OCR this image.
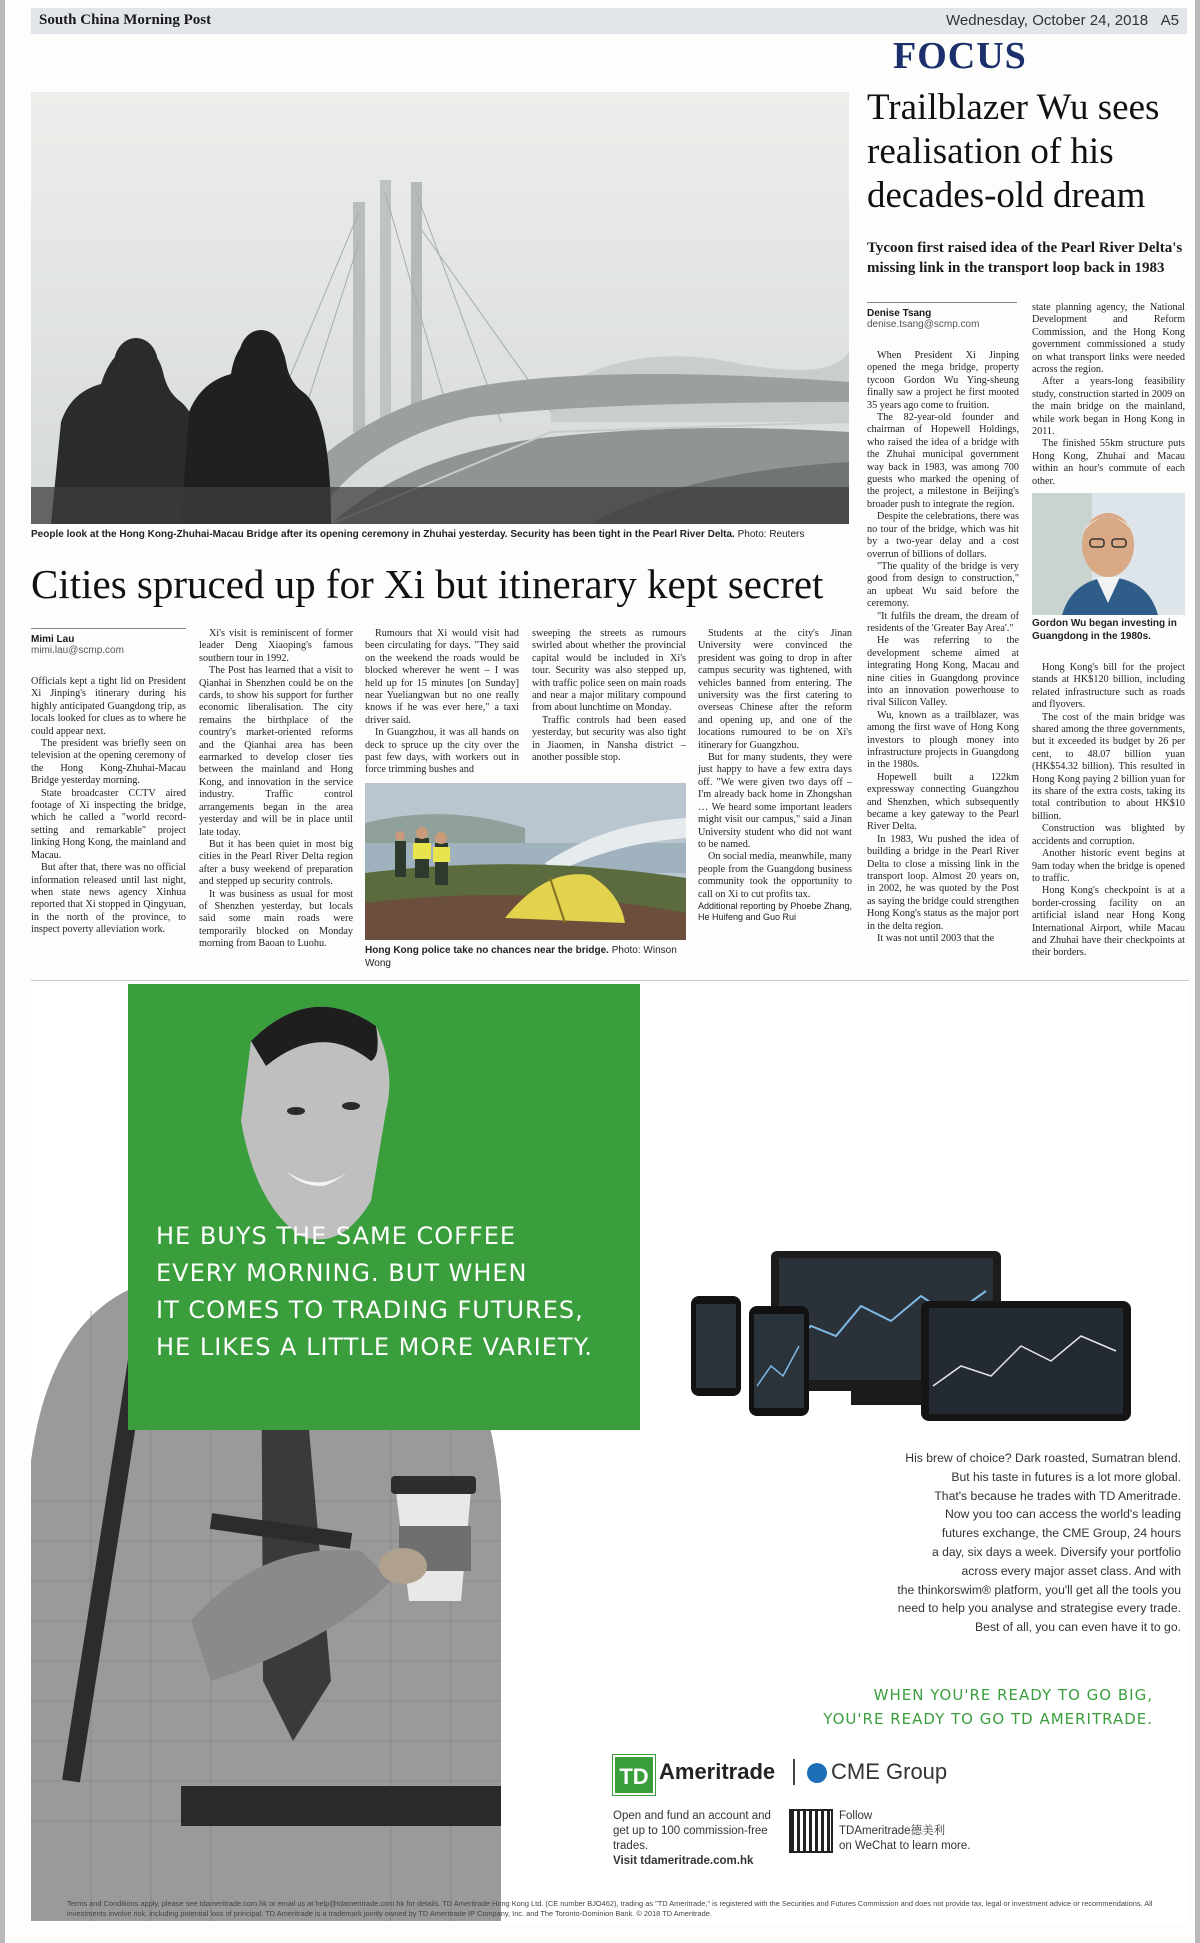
South China Morning Post	Wednesday, October 24, 2018 A5
FOCUS
People look at the Hong Kong-Zhuhai-Macau Bridge after its opening ceremony in Zhuhai yesterday. Security has been tight in the Pearl River Delta. Photo: Reuters
Trailblazer Wu sees realisation of his decades-old dream
Tycoon first raised idea of the Pearl River Delta's missing link in the transport loop back in 1983
Denise Tsang
denise.tsang@scmp.com

When President Xi Jinping opened the mega bridge, property tycoon Gordon Wu Ying-sheung finally saw a project he first mooted 35 years ago come to fruition.

The 82-year-old founder and chairman of Hopewell Holdings, who raised the idea of a bridge with the Zhuhai municipal government way back in 1983, was among 700 guests who marked the opening of the project, a milestone in Beijing's broader push to integrate the region.

Despite the celebrations, there was no tour of the bridge, which was hit by a two-year delay and a cost overrun of billions of dollars.

"The quality of the bridge is very good from design to construction," an upbeat Wu said before the ceremony.

"It fulfils the dream, the dream of residents of the 'Greater Bay Area'."

He was referring to the development scheme aimed at integrating Hong Kong, Macau and nine cities in Guangdong province into an innovation powerhouse to rival Silicon Valley.

Wu, known as a trailblazer, was among the first wave of Hong Kong investors to plough money into infrastructure projects in Guangdong in the 1980s.

Hopewell built a 122km expressway connecting Guangzhou and Shenzhen, which subsequently became a key gateway to the Pearl River Delta.

In 1983, Wu pushed the idea of building a bridge in the Pearl River Delta to close a missing link in the transport loop. Almost 20 years on, in 2002, he was quoted by the Post as saying the bridge could strengthen Hong Kong's status as the major port in the delta region.

It was not until 2003 that the

state planning agency, the National Development and Reform Commission, and the Hong Kong government commissioned a study on what transport links were needed across the region.

After a years-long feasibility study, construction started in 2009 on the main bridge on the mainland, while work began in Hong Kong in 2011.

The finished 55km structure puts Hong Kong, Zhuhai and Macau within an hour's commute of each other.

Gordon Wu began investing in Guangdong in the 1980s.

Hong Kong's bill for the project stands at HK$120 billion, including related infrastructure such as roads and flyovers.

The cost of the main bridge was shared among the three governments, but it exceeded its budget by 26 per cent, to 48.07 billion yuan (HK$54.32 billion). This resulted in Hong Kong paying 2 billion yuan for its share of the extra costs, taking its total contribution to about HK$10 billion.

Construction was blighted by accidents and corruption.

Another historic event begins at 9am today when the bridge is opened to traffic.

Hong Kong's checkpoint is at a border-crossing facility on an artificial island near Hong Kong International Airport, while Macau and Zhuhai have their checkpoints at their borders.

Cities spruced up for Xi but itinerary kept secret
Mimi Lau
mimi.lau@scmp.com

Officials kept a tight lid on President Xi Jinping's itinerary during his highly anticipated Guangdong trip, as locals looked for clues as to where he could appear next.

The president was briefly seen on television at the opening ceremony of the Hong Kong-Zhuhai-Macau Bridge yesterday morning.

State broadcaster CCTV aired footage of Xi inspecting the bridge, which he called a "world record-setting and remarkable" project linking Hong Kong, the mainland and Macau.

But after that, there was no official information released until last night, when state news agency Xinhua reported that Xi stopped in Qingyuan, in the north of the province, to inspect poverty alleviation work.

Xi's visit is reminiscent of former leader Deng Xiaoping's famous southern tour in 1992.

The Post has learned that a visit to Qianhai in Shenzhen could be on the cards, to show his support for further economic liberalisation. The city remains the birthplace of the country's market-oriented reforms and the Qianhai area has been earmarked to develop closer ties between the mainland and Hong Kong, and innovation in the service industry. Traffic control arrangements began in the area yesterday and will be in place until late today.

But it has been quiet in most big cities in the Pearl River Delta region after a busy weekend of preparation and stepped up security controls.

It was business as usual for most of Shenzhen yesterday, but locals said some main roads were temporarily blocked on Monday morning from Baoan to Luohu.

Rumours that Xi would visit had been circulating for days. "They said on the weekend the roads would be blocked wherever he went – I was held up for 15 minutes [on Sunday] near Yueliangwan but no one really knows if he was ever here," a taxi driver said.

In Guangzhou, it was all hands on deck to spruce up the city over the past few days, with workers out in force trimming bushes and

sweeping the streets as rumours swirled about whether the provincial capital would be included in Xi's tour. Security was also stepped up, with traffic police seen on main roads and near a major military compound from about lunchtime on Monday.

Traffic controls had been eased yesterday, but security was also tight in Jiaomen, in Nansha district – another possible stop.

Students at the city's Jinan University were convinced the president was going to drop in after campus security was tightened, with vehicles banned from entering. The university was the first catering to overseas Chinese after the reform and opening up, and one of the locations rumoured to be on Xi's itinerary for Guangzhou.

But for many students, they were just happy to have a few extra days off. "We were given two days off – I'm already back home in Zhongshan … We heard some important leaders might visit our campus," said a Jinan University student who did not want to be named.

On social media, meanwhile, many people from the Guangdong business community took the opportunity to call on Xi to cut profits tax.

Additional reporting by Phoebe Zhang, He Huifeng and Guo Rui

Hong Kong police take no chances near the bridge. Photo: Winson Wong
HE BUYS THE SAME COFFEE
EVERY MORNING. BUT WHEN
IT COMES TO TRADING FUTURES,
HE LIKES A LITTLE MORE VARIETY.
His brew of choice? Dark roasted, Sumatran blend.
But his taste in futures is a lot more global.
That's because he trades with TD Ameritrade.
Now you too can access the world's leading
futures exchange, the CME Group, 24 hours
a day, six days a week. Diversify your portfolio
across every major asset class. And with
the thinkorswim® platform, you'll get all the tools you
need to help you analyse and strategise every trade.
Best of all, you can even have it to go.
WHEN YOU'RE READY TO GO BIG,
YOU'RE READY TO GO TD AMERITRADE.
TD Ameritrade	CME Group
Open and fund an account and get up to 100 commission-free trades.
Visit tdameritrade.com.hk
Follow
TDAmeritrade德美利
on WeChat to learn more.
Terms and Conditions apply, please see tdameritrade.com.hk or email us at help@tdameritrade.com.hk for details. TD Ameritrade Hong Kong Ltd. (CE number BJO462), trading as "TD Ameritrade," is registered with the Securities and Futures Commission and does not provide tax, legal or investment advice or recommendations. All investments involve risk, including potential loss of principal. TD Ameritrade is a trademark jointly owned by TD Ameritrade IP Company, Inc. and The Toronto-Dominion Bank. © 2018 TD Ameritrade.
